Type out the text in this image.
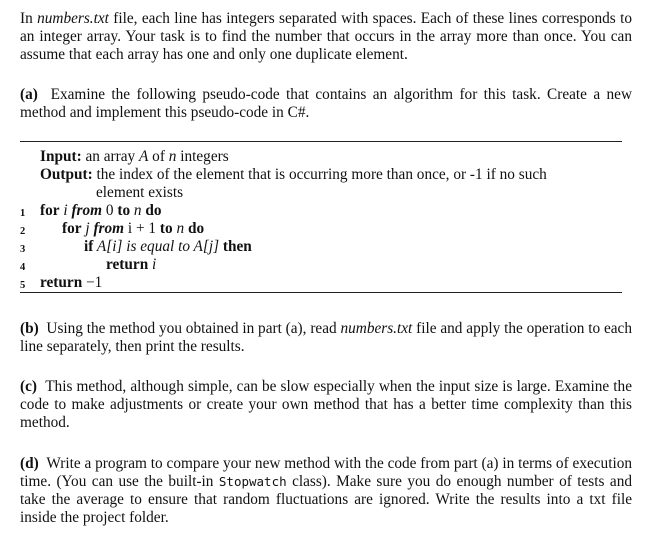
In numbers.txt file, each line has integers separated with spaces. Each of these lines corresponds to an integer array. Your task is to find the number that occurs in the array more than once. You can assume that each array has one and only one duplicate element.

(a) Examine the following pseudo-code that contains an algorithm for this task. Create a new method and implement this pseudo-code in C#.

Input: an array A of n integers
Output: the index of the element that is occurring more than once, or -1 if no such
element exists
1 for i from 0 to n do
2	for j from i + 1 to n do
3	if A[i] is equal to A[j] then
4	return i
5 return −1

(b) Using the method you obtained in part (a), read numbers.txt file and apply the operation to each line separately, then print the results.

(c) This method, although simple, can be slow especially when the input size is large. Examine the code to make adjustments or create your own method that has a better time complexity than this method.

(d) Write a program to compare your new method with the code from part (a) in terms of execution time. (You can use the built-in Stopwatch class). Make sure you do enough number of tests and take the average to ensure that random fluctuations are ignored. Write the results into a txt file inside the project folder.
